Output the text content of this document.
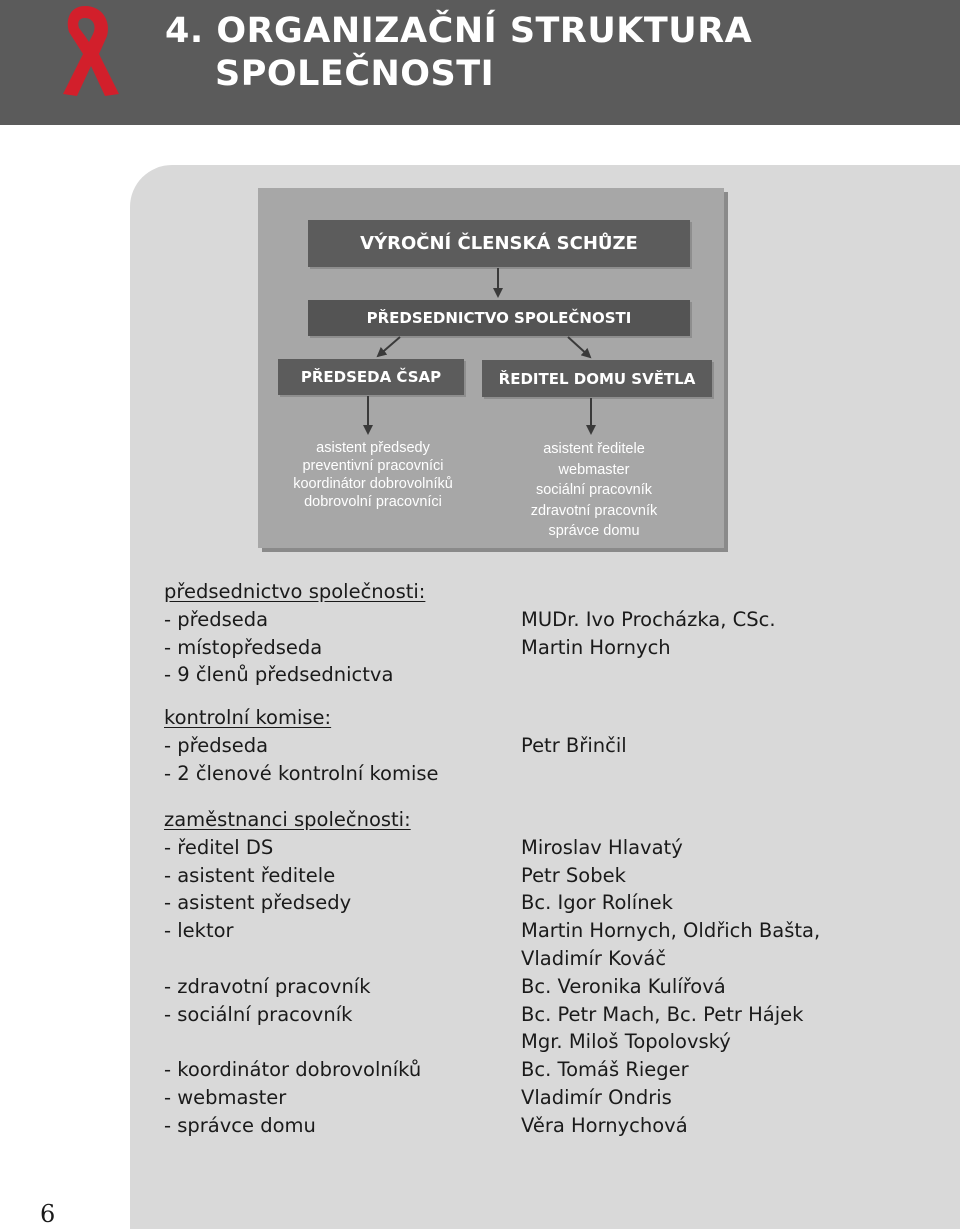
4. ORGANIZAČNÍ STRUKTURA
SPOLEČNOSTI
VÝROČNÍ ČLENSKÁ SCHŮZE
PŘEDSEDNICTVO SPOLEČNOSTI
PŘEDSEDA ČSAP	ŘEDITEL DOMU SVĚTLA
asistent předsedy
preventivní pracovníci
koordinátor dobrovolníků
dobrovolní pracovníci
asistent ředitele
webmaster
sociální pracovník
zdravotní pracovník
správce domu
předsednictvo společnosti:
- předseda	MUDr. Ivo Procházka, CSc.
- místopředseda	Martin Hornych
- 9 členů předsednictva
kontrolní komise:
- předseda	Petr Břinčil
- 2 členové kontrolní komise
zaměstnanci společnosti:
- ředitel DS	Miroslav Hlavatý
- asistent ředitele	Petr Sobek
- asistent předsedy	Bc. Igor Rolínek
- lektor	Martin Hornych, Oldřich Bašta,
Vladimír Kováč
- zdravotní pracovník	Bc. Veronika Kulířová
- sociální pracovník	Bc. Petr Mach, Bc. Petr Hájek
Mgr. Miloš Topolovský
- koordinátor dobrovolníků	Bc. Tomáš Rieger
- webmaster	Vladimír Ondris
- správce domu	Věra Hornychová
6
